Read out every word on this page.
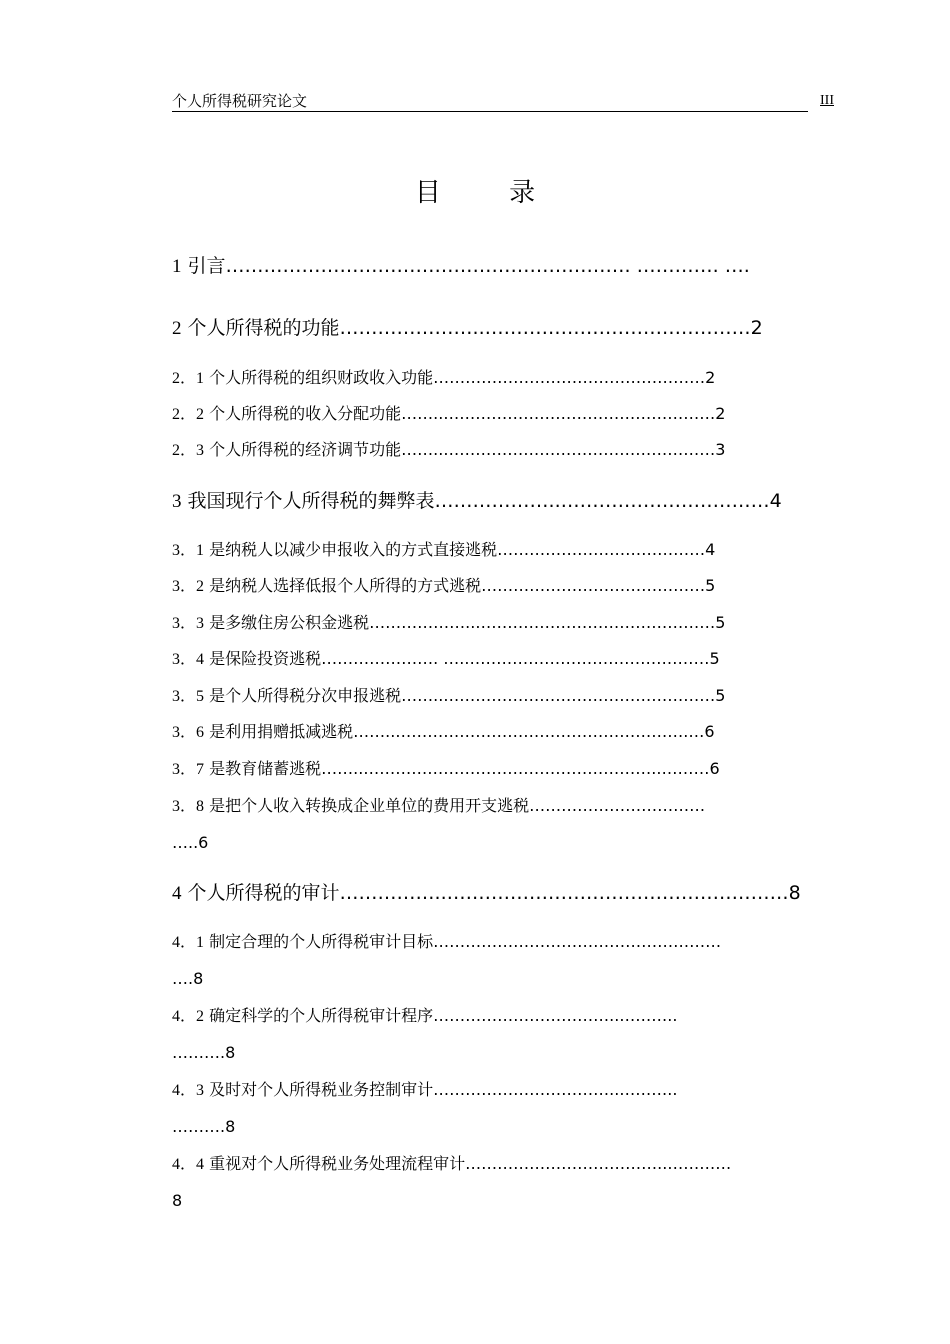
个人所得税研究论文	III
目 录
1 引言………………………………………………………. …………. ….
2 个人所得税的功能…………………..……………………………………2
2．1 个人所得税的组织财政收入功能……………………………………………2
2．2 个人所得税的收入分配功能……..……………………………………………2
2．3 个人所得税的经济调节功能……..……………………………………………3
3 我国现行个人所得税的舞弊表………………..……………………………4
3．1 是纳税人以减少申报收入的方式直接逃税…………………………………4
3．2 是纳税人选择低报个人所得的方式逃税……………………………………5
3．3 是多缴住房公积金逃税………………..………………………………………5
3．4 是保险投资逃税…………………. …..………………………………………5
3．5 是个人所得税分次申报逃税……..……………………………………………5
3．6 是利用捐赠抵减逃税……..……………………………………………….…6
3．7 是教育储蓄逃税……..………………………………………………..………6
3．8 是把个人收入转换成企业单位的费用开支逃税……………………………
…..6
4 个人所得税的审计……………..………………………………………………8
4．1 制定合理的个人所得税审计目标………………………………………………
….8
4．2 确定科学的个人所得税审计程序……………………………..………..
……….8
4．3 及时对个人所得税业务控制审计……………………………..………..
……….8
4．4 重视对个人所得税业务处理流程审计………………………………..…………
8
